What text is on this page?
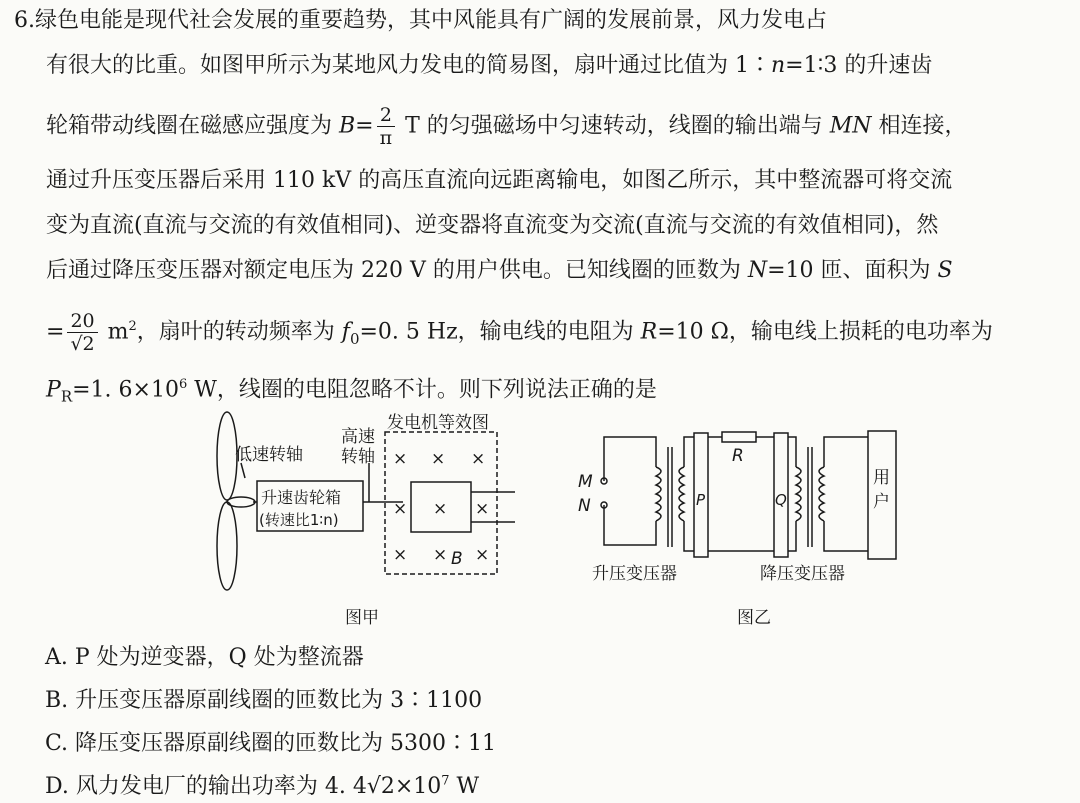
6.绿色电能是现代社会发展的重要趋势，其中风能具有广阔的发展前景，风力发电占
有很大的比重。如图甲所示为某地风力发电的简易图，扇叶通过比值为 1∶n=1∶3 的升速齿
轮箱带动线圈在磁感应强度为 $B= \frac{2}{\pi}$ T 的匀强磁场中匀速转动，线圈的输出端与 MN 相连接，
通过升压变压器后采用 110 kV 的高压直流向远距离输电，如图乙所示，其中整流器可将交流
变为直流(直流与交流的有效值相同)、逆变器将直流变为交流(直流与交流的有效值相同)，然
后通过降压变压器对额定电压为 220 V 的用户供电。已知线圈的匝数为 N=10 匝、面积为 S
= $\frac{20}{√2} m^2$，扇叶的转动频率为 $f_0=0$. 5 Hz，输电线的电阻为 R=10 Ω，输电线上损耗的电功率为
$P_R=1$. $6\times 10^6$ W，线圈的电阻忽略不计。则下列说法正确的是
低速转轴
高速
转轴
发电机等效图
升速齿轮箱
(转速比1∶n)
× × ×
× × ×
× × ×
B
图甲
M
N
R
P	Q
用
户
升压变压器	降压变压器
图乙
A. P 处为逆变器，Q 处为整流器
B. 升压变压器原副线圈的匝数比为 3∶1100
C. 降压变压器原副线圈的匝数比为 5300∶11
D. 风力发电厂的输出功率为 4. $4√2\times 10^7$ W
